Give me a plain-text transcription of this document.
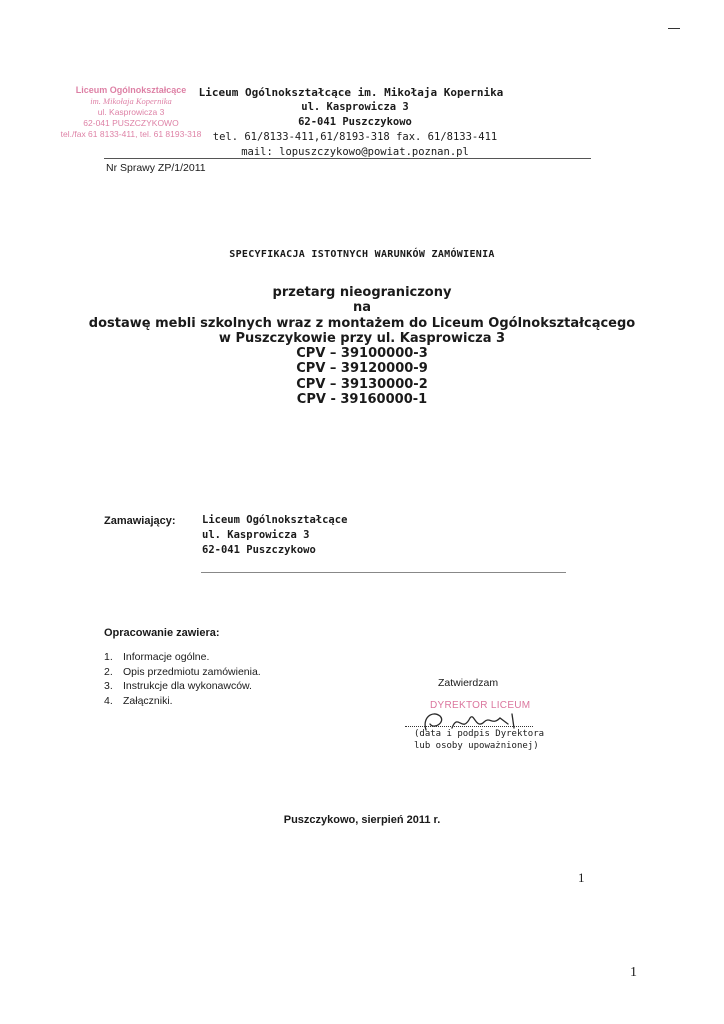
Liceum Ogólnokształcące
im. Mikołaja Kopernika
ul. Kasprowicza 3
62-041 PUSZCZYKOWO
tel./fax 61 8133-411, tel. 61 8193-318
Liceum Ogólnokształcące im. Mikołaja Kopernika
ul. Kasprowicza 3
62-041 Puszczykowo
tel. 61/8133-411,61/8193-318 fax. 61/8133-411
mail: lopuszczykowo@powiat.poznan.pl
Nr Sprawy ZP/1/2011
SPECYFIKACJA ISTOTNYCH WARUNKÓW ZAMÓWIENIA
przetarg nieograniczony
na
dostawę mebli szkolnych wraz z montażem do Liceum Ogólnokształcącego
w Puszczykowie przy ul. Kasprowicza 3
CPV – 39100000-3
CPV – 39120000-9
CPV – 39130000-2
CPV - 39160000-1
Zamawiający:	Liceum Ogólnokształcące
ul. Kasprowicza 3
62-041 Puszczykowo
Opracowanie zawiera:
1. Informacje ogólne.
2. Opis przedmiotu zamówienia.
3. Instrukcje dla wykonawców.
4. Załączniki.
Zatwierdzam
DYREKTOR LICEUM
(data i podpis Dyrektora
lub osoby upoważnionej)
Puszczykowo, sierpień 2011 r.
1
1
